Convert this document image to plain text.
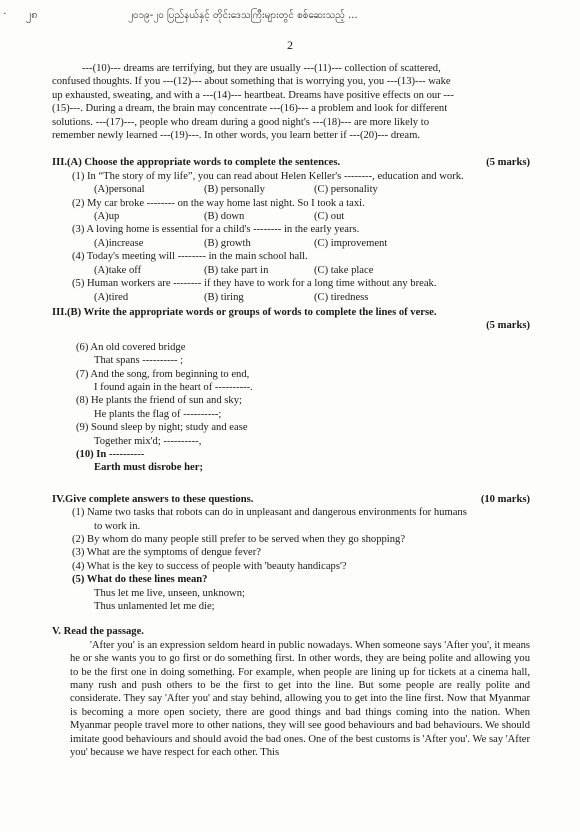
· ၂၈	၂၀၁၉-၂၀ ပြည်နယ်နှင့် တိုင်းဒေသကြီးများတွင် စစ်ဆေးသည့် ...
2
---(10)--- dreams are terrifying, but they are usually ---(11)--- collection of scattered,
confused thoughts. If you ---(12)--- about something that is worrying you, you ---(13)--- wake
up exhausted, sweating, and with a ---(14)--- heartbeat. Dreams have positive effects on our ---
(15)---. During a dream, the brain may concentrate ---(16)--- a problem and look for different
solutions. ---(17)---, people who dream during a good night's ---(18)--- are more likely to
remember newly learned ---(19)---. In other words, you learn better if ---(20)--- dream.
III.(A) Choose the appropriate words to complete the sentences.	(5 marks)
(1) In “The story of my life”, you can read about Helen Keller's --------, education and work.
(A)personal	(B) personally	(C) personality
(2) My car broke -------- on the way home last night. So I took a taxi.
(A)up	(B) down	(C) out
(3) A loving home is essential for a child's -------- in the early years.
(A)increase	(B) growth	(C) improvement
(4) Today's meeting will -------- in the main school hall.
(A)take off	(B) take part in	(C) take place
(5) Human workers are -------- if they have to work for a long time without any break.
(A)tired	(B) tiring	(C) tiredness
III.(B) Write the appropriate words or groups of words to complete the lines of verse.
(5 marks)
(6) An old covered bridge
That spans ---------- ;
(7) And the song, from beginning to end,
I found again in the heart of ----------.
(8) He plants the friend of sun and sky;
He plants the flag of ----------;
(9) Sound sleep by night; study and ease
Together mix'd; ----------,
(10) In ----------
Earth must disrobe her;
IV.Give complete answers to these questions.	(10 marks)
(1) Name two tasks that robots can do in unpleasant and dangerous environments for humans
to work in.
(2) By whom do many people still prefer to be served when they go shopping?
(3) What are the symptoms of dengue fever?
(4) What is the key to success of people with 'beauty handicaps'?
(5) What do these lines mean?
Thus let me live, unseen, unknown;
Thus unlamented let me die;
V. Read the passage.
'After you' is an expression seldom heard in public nowadays. When someone says 'After you', it means he or she wants you to go first or do something first. In other words, they are being polite and allowing you to be the first one in doing something. For example, when people are lining up for tickets at a cinema hall, many rush and push others to be the first to get into the line. But some people are really polite and considerate. They say 'After you' and stay behind, allowing you to get into the line first. Now that Myanmar is becoming a more open society, there are good things and bad things coming into the nation. When Myanmar people travel more to other nations, they will see good behaviours and bad behaviours. We should imitate good behaviours and should avoid the bad ones. One of the best customs is 'After you'. We say 'After you' because we have respect for each other. This
